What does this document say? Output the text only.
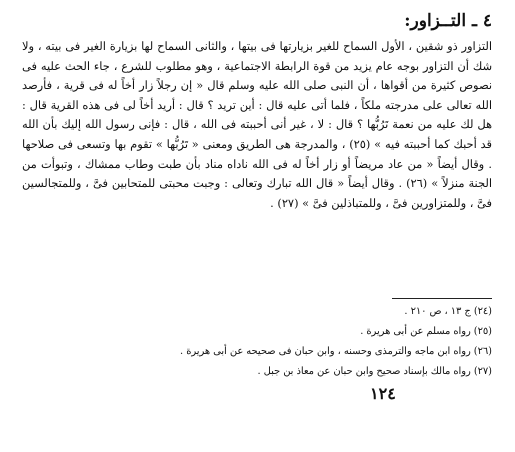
٤ ـ التــزاور:

التزاور ذو شقين ، الأول السماح للغير بزيارتها فى بيتها ، والثانى السماح لها بزيارة الغير فى بيته ، ولا شك أن التزاور بوجه عام يزيد من قوة الرابطة الاجتماعية ، وهو مطلوب للشرع ، جاء الحث عليه فى نصوص كثيرة من أقواها ، أن النبى صلى الله عليه وسلم قال « إن رجلاً زار أخاً له فى قرية ، فأرصد الله تعالى على مدرجته ملكاً ، فلما أتى عليه قال : أين تريد ؟ قال : أريد أخاً لى فى هذه القرية قال : هل لك عليه من نعمة تَرُبُّها ؟ قال : لا ، غير أنى أحببته فى الله ، قال : فإنى رسول الله إليك بأن الله قد أحبك كما أحببته فيه » (٢٥) ، والمدرجة هى الطريق ومعنى « تَرُبُّها » تقوم بها وتسعى فى صلاحها . وقال أيضاً « من عاد مريضاً أو زار أخاً له فى الله ناداه مناد بأن طبت وطاب ممشاك ، وتبوأت من الجنة منزلاً » (٢٦) . وقال أيضاً « قال الله تبارك وتعالى : وجبت محبتى للمتحابين فىَّ ، وللمتجالسين فىَّ ، وللمتزاورين فىَّ ، وللمتباذلين فىَّ » (٢٧) .

(٢٤) ج ١٣ ، ص ٢١٠ .
(٢٥) رواه مسلم عن أبى هريرة .
(٢٦) رواه ابن ماجه والترمذى وحسنه ، وابن حبان فى صحيحه عن أبى هريرة .
(٢٧) رواه مالك بإسناد صحيح وابن حبان عن معاذ بن جبل .
١٢٤
